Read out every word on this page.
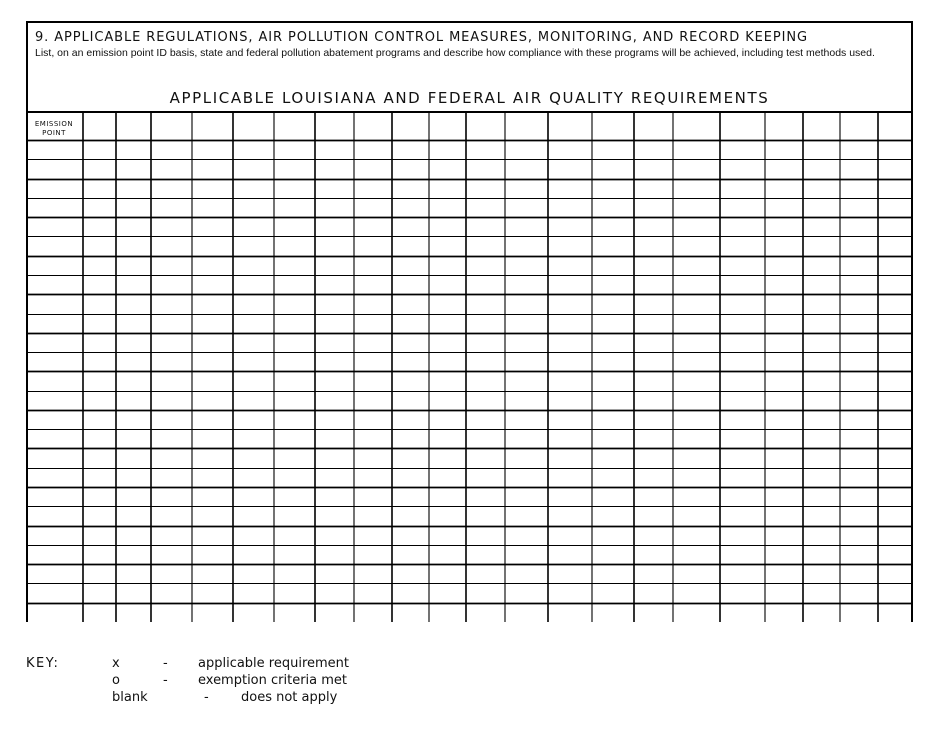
9. APPLICABLE REGULATIONS, AIR POLLUTION CONTROL MEASURES, MONITORING, AND RECORD KEEPING
List, on an emission point ID basis, state and federal pollution abatement programs and describe how compliance with these programs will be achieved, including test methods used.
APPLICABLE LOUISIANA AND FEDERAL AIR QUALITY REQUIREMENTS
EMISSION
POINT
KEY:	x	- applicable requirement
o	- exemption criteria met
blank	- does not apply
